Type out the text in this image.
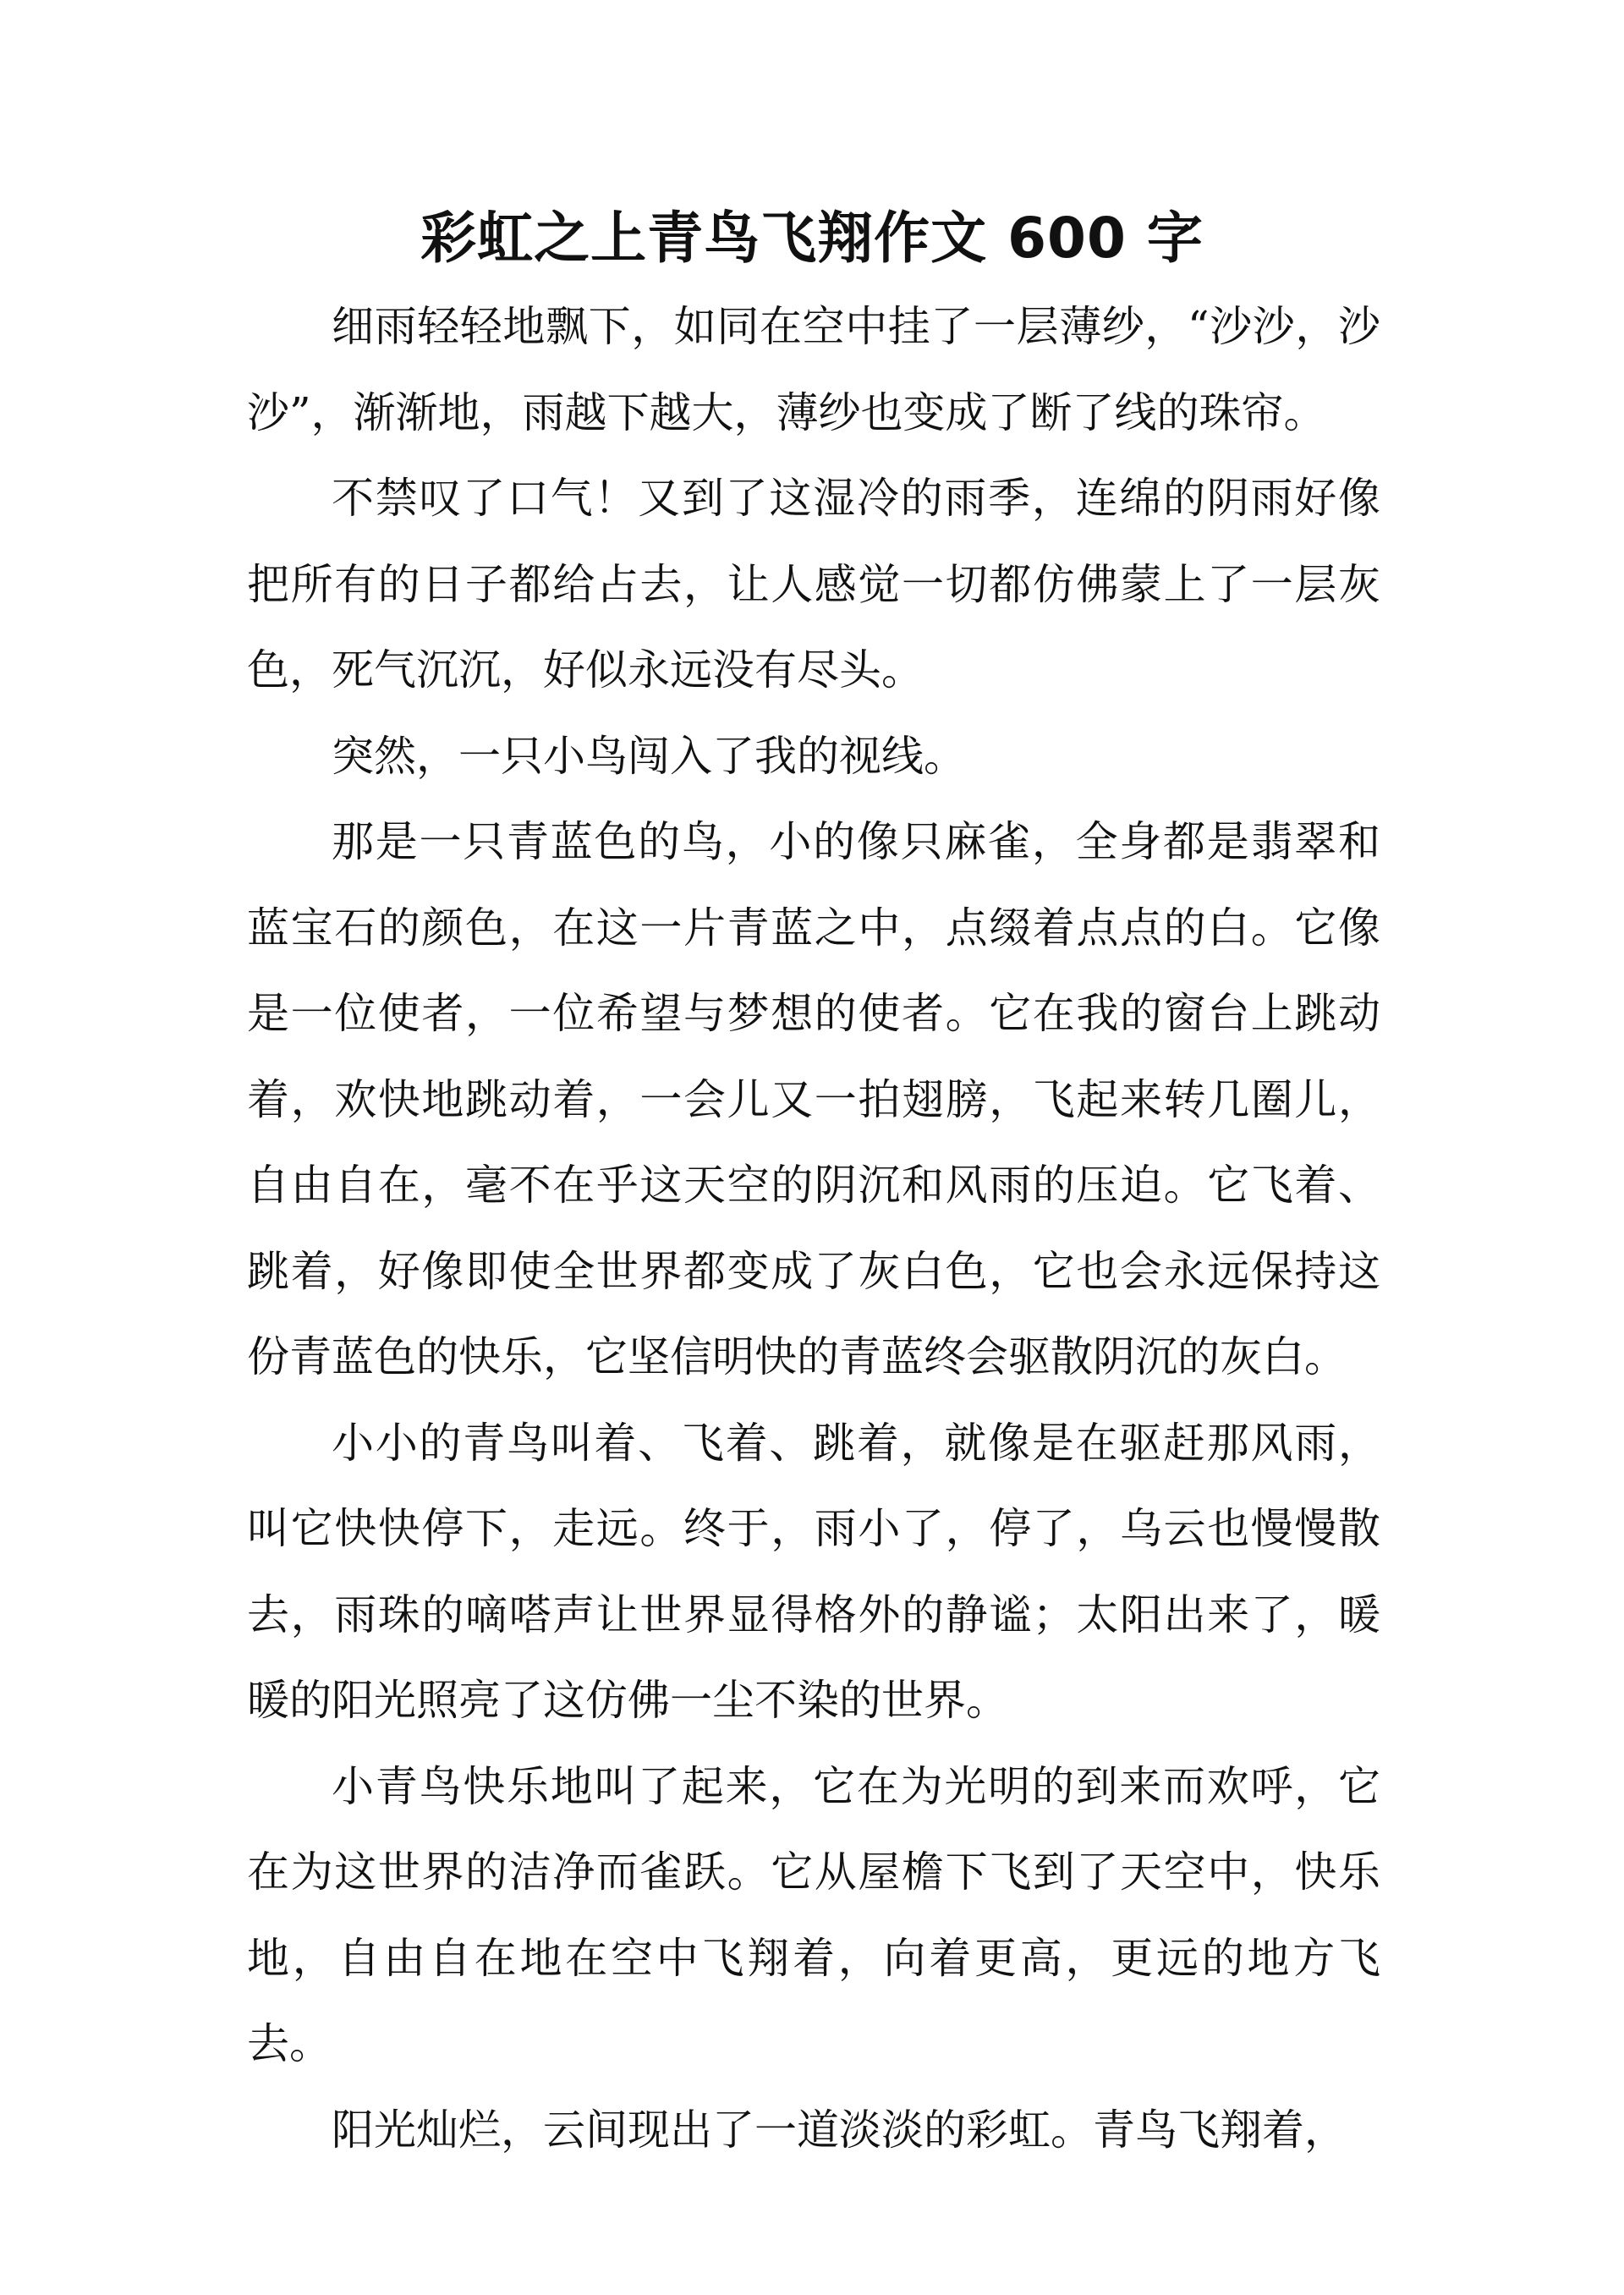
彩虹之上青鸟飞翔作文 600 字

细雨轻轻地飘下，如同在空中挂了一层薄纱，“沙沙，沙沙”，渐渐地，雨越下越大，薄纱也变成了断了线的珠帘。

不禁叹了口气！又到了这湿冷的雨季，连绵的阴雨好像把所有的日子都给占去，让人感觉一切都仿佛蒙上了一层灰色，死气沉沉，好似永远没有尽头。

突然，一只小鸟闯入了我的视线。

那是一只青蓝色的鸟，小的像只麻雀，全身都是翡翠和蓝宝石的颜色，在这一片青蓝之中，点缀着点点的白。它像是一位使者，一位希望与梦想的使者。它在我的窗台上跳动着，欢快地跳动着，一会儿又一拍翅膀，飞起来转几圈儿，自由自在，毫不在乎这天空的阴沉和风雨的压迫。它飞着、跳着，好像即使全世界都变成了灰白色，它也会永远保持这份青蓝色的快乐，它坚信明快的青蓝终会驱散阴沉的灰白。

小小的青鸟叫着、飞着、跳着，就像是在驱赶那风雨，叫它快快停下，走远。终于，雨小了，停了，乌云也慢慢散去，雨珠的嘀嗒声让世界显得格外的静谧；太阳出来了，暖暖的阳光照亮了这仿佛一尘不染的世界。

小青鸟快乐地叫了起来，它在为光明的到来而欢呼，它在为这世界的洁净而雀跃。它从屋檐下飞到了天空中，快乐地，自由自在地在空中飞翔着，向着更高，更远的地方飞去。

阳光灿烂，云间现出了一道淡淡的彩虹。青鸟飞翔着，
